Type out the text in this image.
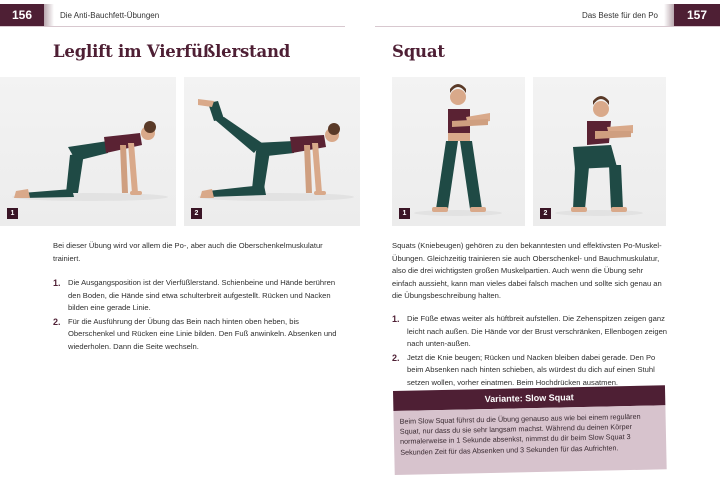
156	Die Anti-Bauchfett-Übungen
Leglift im Vierfüßlerstand
1	2
Bei dieser Übung wird vor allem die Po-, aber auch die Oberschenkelmuskulatur trainiert.
1. Die Ausgangsposition ist der Vierfüßlerstand. Schienbeine und Hände berühren den Boden, die Hände sind etwa schulterbreit aufgestellt. Rücken und Nacken bilden eine gerade Linie.
2. Für die Ausführung der Übung das Bein nach hinten oben heben, bis Oberschenkel und Rücken eine Linie bilden. Den Fuß anwinkeln. Absenken und wiederholen. Dann die Seite wechseln.
157
Das Beste für den Po
Squat
1	2
Squats (Kniebeugen) gehören zu den bekanntesten und effektivsten Po-Muskel-Übungen. Gleichzeitig trainieren sie auch Oberschenkel- und Bauchmuskulatur, also die drei wichtigsten großen Muskelpartien. Auch wenn die Übung sehr einfach aussieht, kann man vieles dabei falsch machen und sollte sich genau an die Übungsbeschreibung halten.
1. Die Füße etwas weiter als hüftbreit aufstellen. Die Zehenspitzen zeigen ganz leicht nach außen. Die Hände vor der Brust verschränken, Ellenbogen zeigen nach unten-außen.
2. Jetzt die Knie beugen; Rücken und Nacken bleiben dabei gerade. Den Po beim Absenken nach hinten schieben, als würdest du dich auf einen Stuhl setzen wollen, vorher einatmen. Beim Hochdrücken ausatmen.
Variante: Slow Squat
Beim Slow Squat führst du die Übung genauso aus wie bei einem regulären Squat, nur dass du sie sehr langsam machst. Während du deinen Körper normalerweise in 1 Sekunde absenkst, nimmst du dir beim Slow Squat 3 Sekunden Zeit für das Absenken und 3 Sekunden für das Aufrichten.
